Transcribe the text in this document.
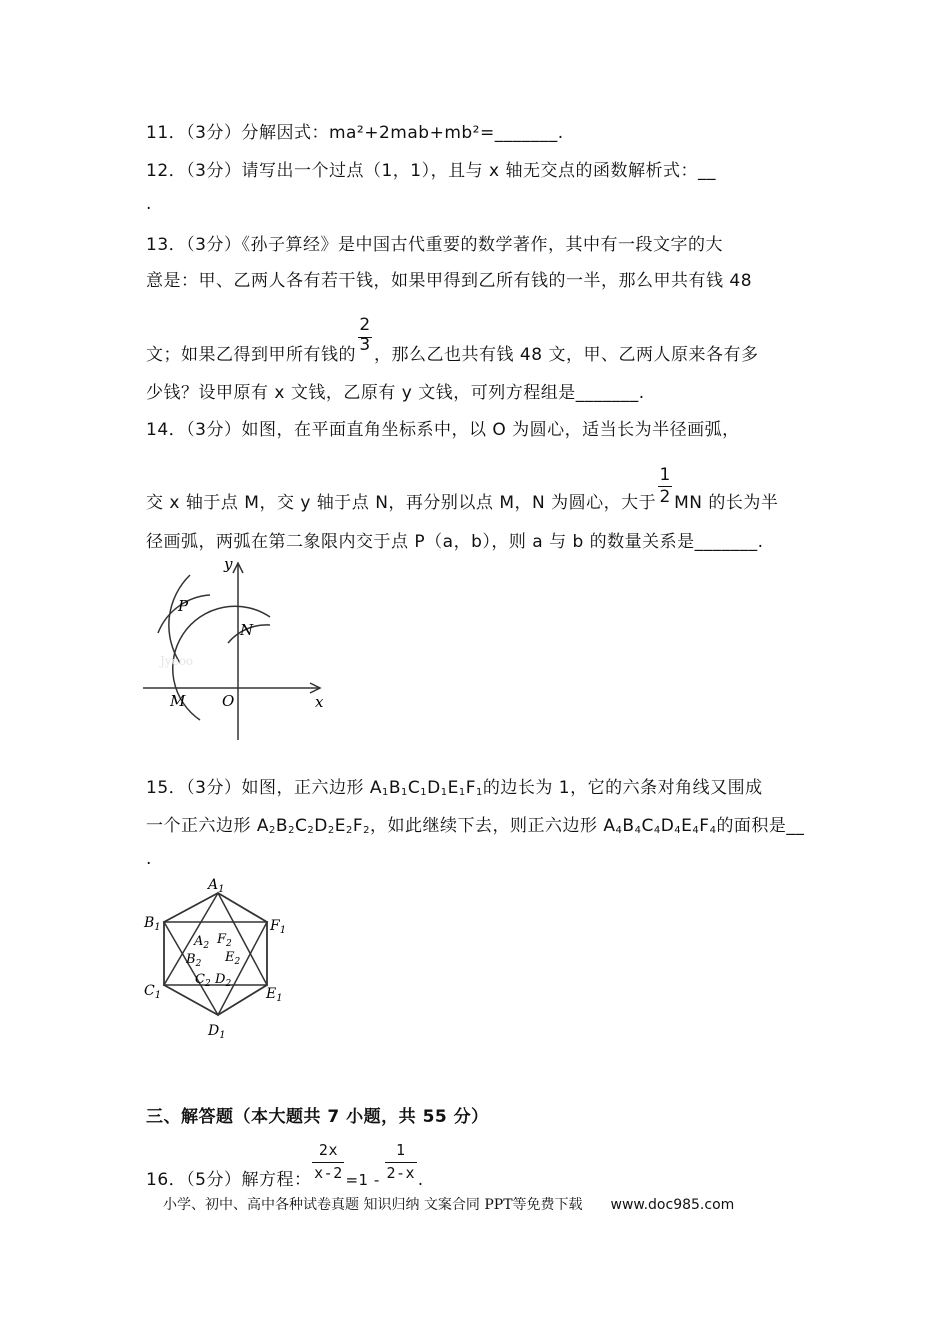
11．（3分）分解因式：ma²+2mab+mb²=_______.
12．（3分）请写出一个过点（1，1），且与 x 轴无交点的函数解析式：__
.
13．（3分）《孙子算经》是中国古代重要的数学著作，其中有一段文字的大
意是：甲、乙两人各有若干钱，如果甲得到乙所有钱的一半，那么甲共有钱 48
文；如果乙得到甲所有钱的 $\frac{2}{3}$ ，那么乙也共有钱 48 文，甲、乙两人原来各有多
少钱？设甲原有 x 文钱，乙原有 y 文钱，可列方程组是_______.
14．（3分）如图，在平面直角坐标系中，以 O 为圆心，适当长为半径画弧，
交 x 轴于点 M，交 y 轴于点 N，再分别以点 M，N 为圆心，大于 $\frac{1}{2}$ MN 的长为半
径画弧，两弧在第二象限内交于点 P（a，b），则 a 与 b 的数量关系是_______.
y
x
P
N
M O
Jyeoo
15．（3分）如图，正六边形 $A_1B_1C_1D_1E_1F_1$的边长为 1，它的六条对角线又围成
一个正六边形 $A_2B_2C_2D_2E_2F_2$，如此继续下去，则正六边形 $A_4B_4C_4D_4E_4F_4$的面积是__
.
$A_1$
$B_1$	$F_1$
$C_1$	$E_1$
$D_1$
$A_2$ $F_2$
$B_2$ $E_2$
$C_2$ $D_2$
三、解答题（本大题共 7 小题，共 55 分）
16．（5分）解方程： $\frac{2x}{x-2} =1 - \frac{1}{2-x}$ .
小学、初中、高中各种试卷真题 知识归纳 文案合同 PPT等免费下载 www.doc985.com
